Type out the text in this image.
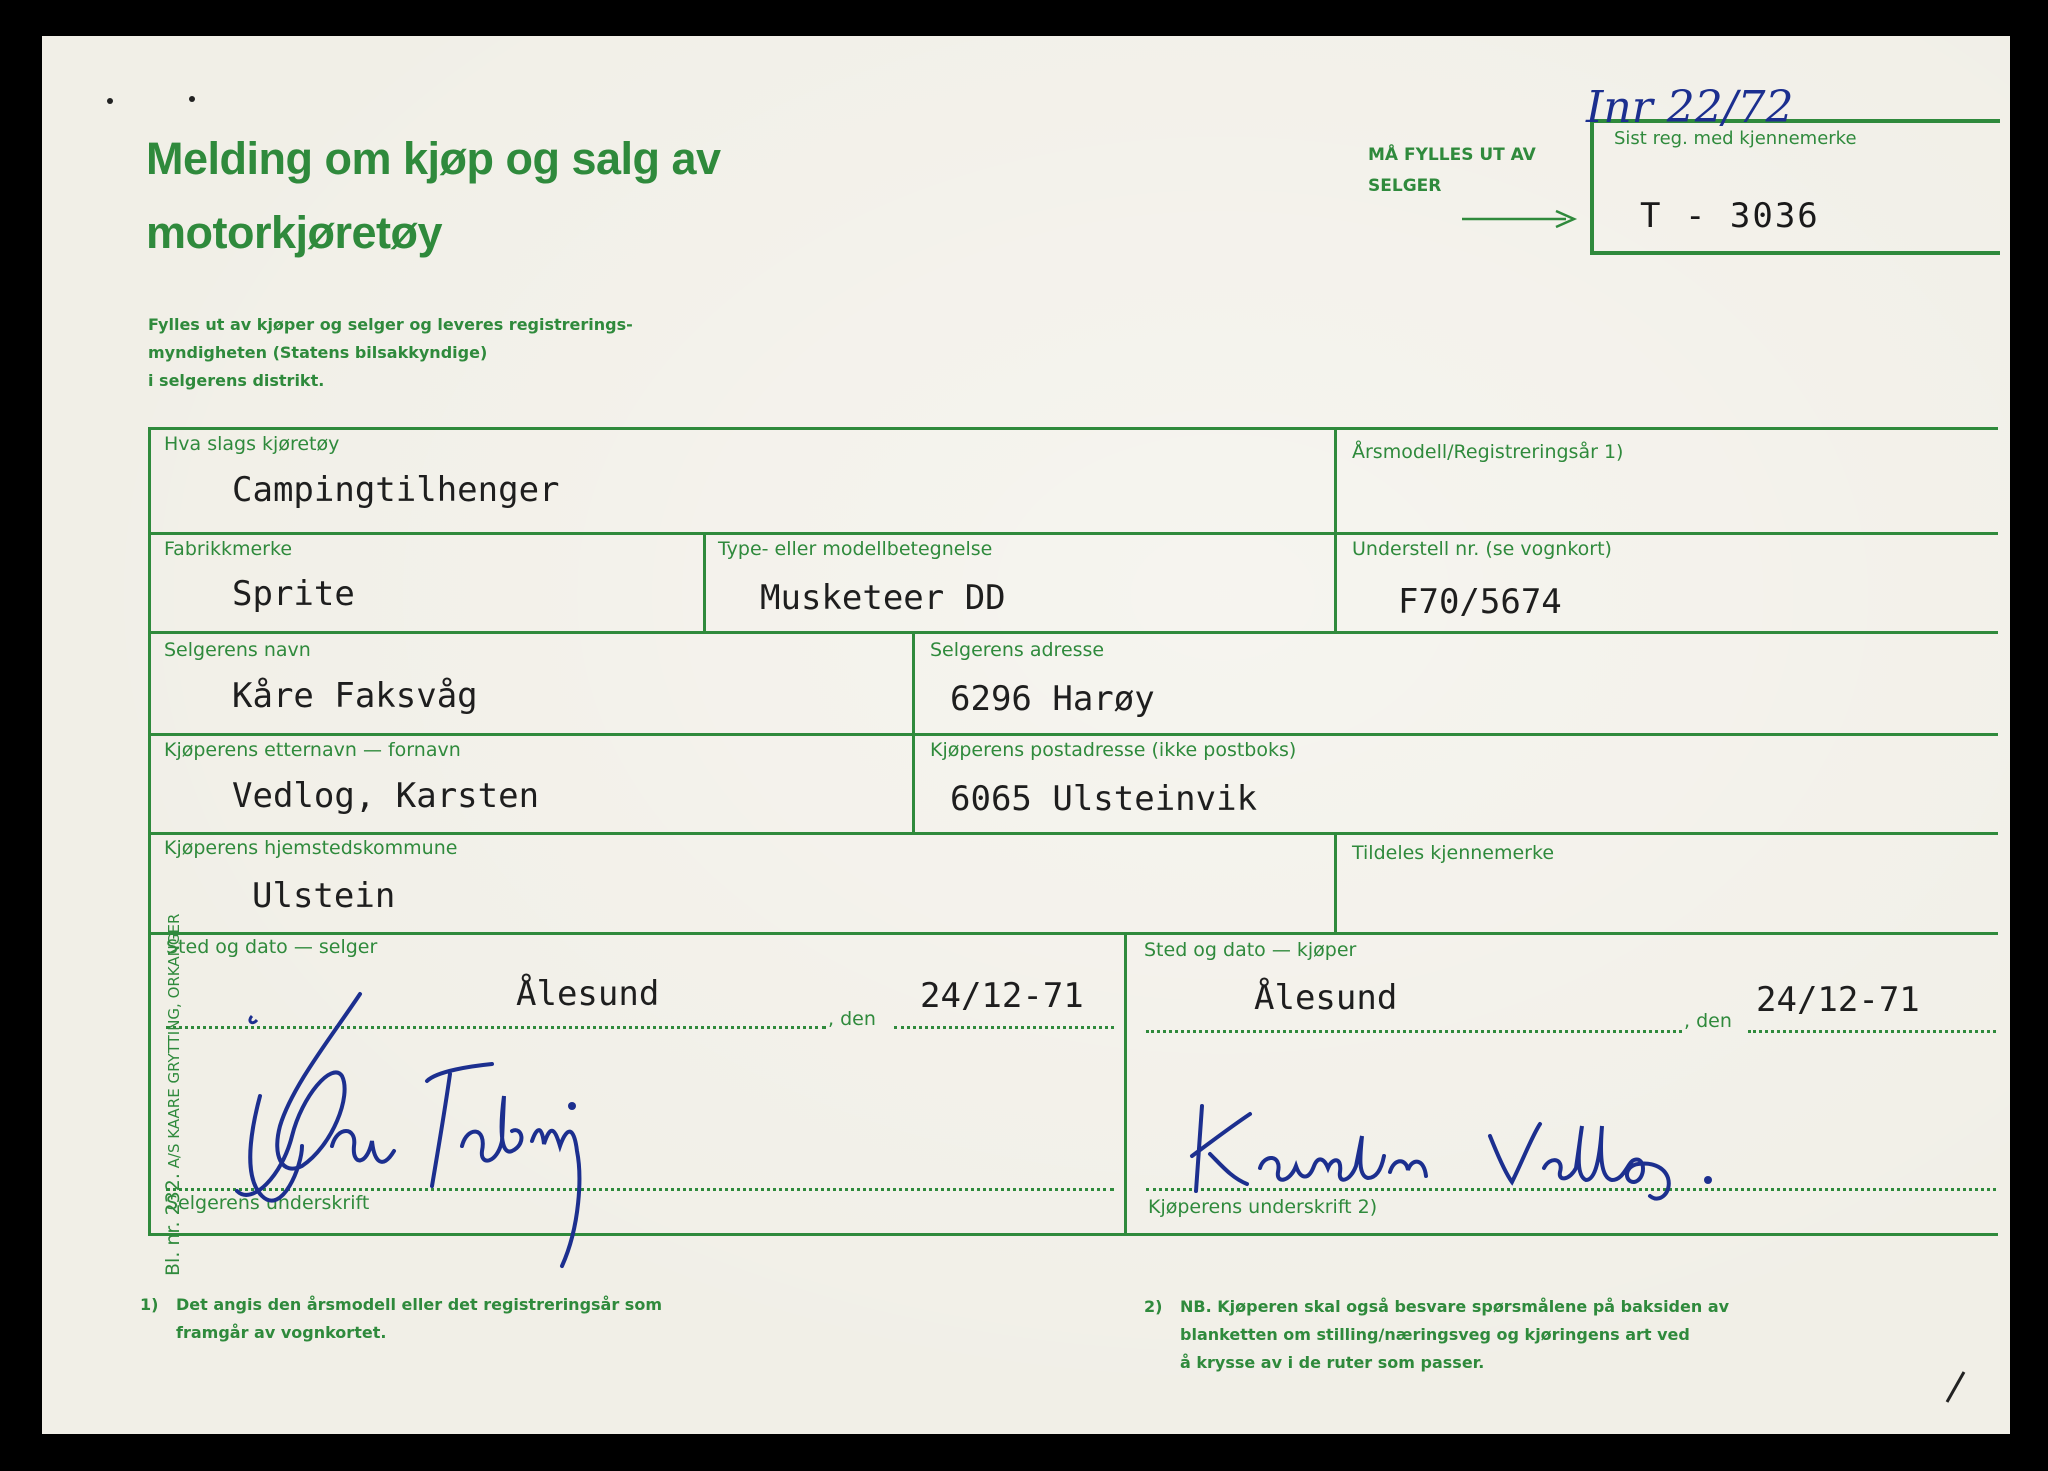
Melding om kjøp og salg av
motorkjøretøy
Fylles ut av kjøper og selger og leveres registrerings-
myndigheten (Statens bilsakkyndige)
i selgerens distrikt.
MÅ FYLLES UT AV
SELGER
Sist reg. med kjennemerke
T - 3036
Inr 22/72
Hva slags kjøretøy
Campingtilhenger
Årsmodell/Registreringsår 1)
Fabrikkmerke
Sprite
Type- eller modellbetegnelse
Musketeer DD
Understell nr. (se vognkort)
F70/5674
Selgerens navn
Kåre Faksvåg
Selgerens adresse
6296 Harøy
Kjøperens etternavn — fornavn
Vedlog, Karsten
Kjøperens postadresse (ikke postboks)
6065 Ulsteinvik
Kjøperens hjemstedskommune
Ulstein
Tildeles kjennemerke
Sted og dato — selger
Ålesund
, den
24/12-71
Sted og dato — kjøper
Ålesund
, den
24/12-71
Selgerens underskrift	Kjøperens underskrift 2)
Bl. nr. 232. A/S KAARE GRYTTING, ORKANGER
1) Det angis den årsmodell eller det registreringsår som
framgår av vognkortet.
2) NB. Kjøperen skal også besvare spørsmålene på baksiden av
blanketten om stilling/næringsveg og kjøringens art ved
å krysse av i de ruter som passer.
